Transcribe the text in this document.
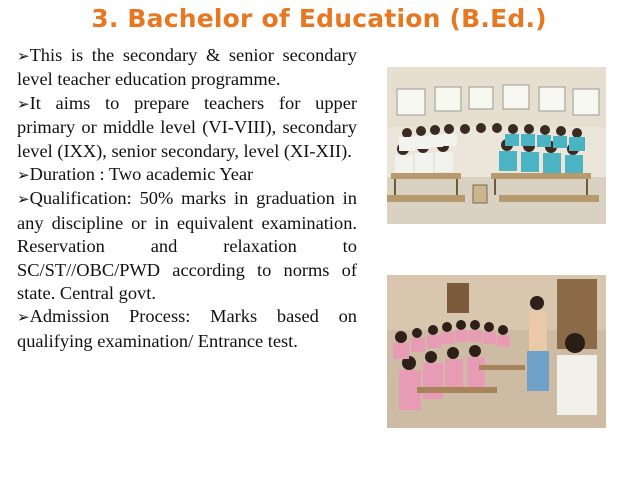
3. Bachelor of Education (B.Ed.)
➢This is the secondary & senior secondary level teacher education programme.
➢It aims to prepare teachers for upper primary or middle level (VI-VIII), secondary level (IXX), senior secondary, level (XI-XII).
➢Duration : Two academic Year
➢Qualification: 50% marks in graduation in any discipline or in equivalent examination. Reservation and relaxation to SC/ST//OBC/PWD according to norms of state. Central govt.
➢Admission Process: Marks based on qualifying examination/ Entrance test.
